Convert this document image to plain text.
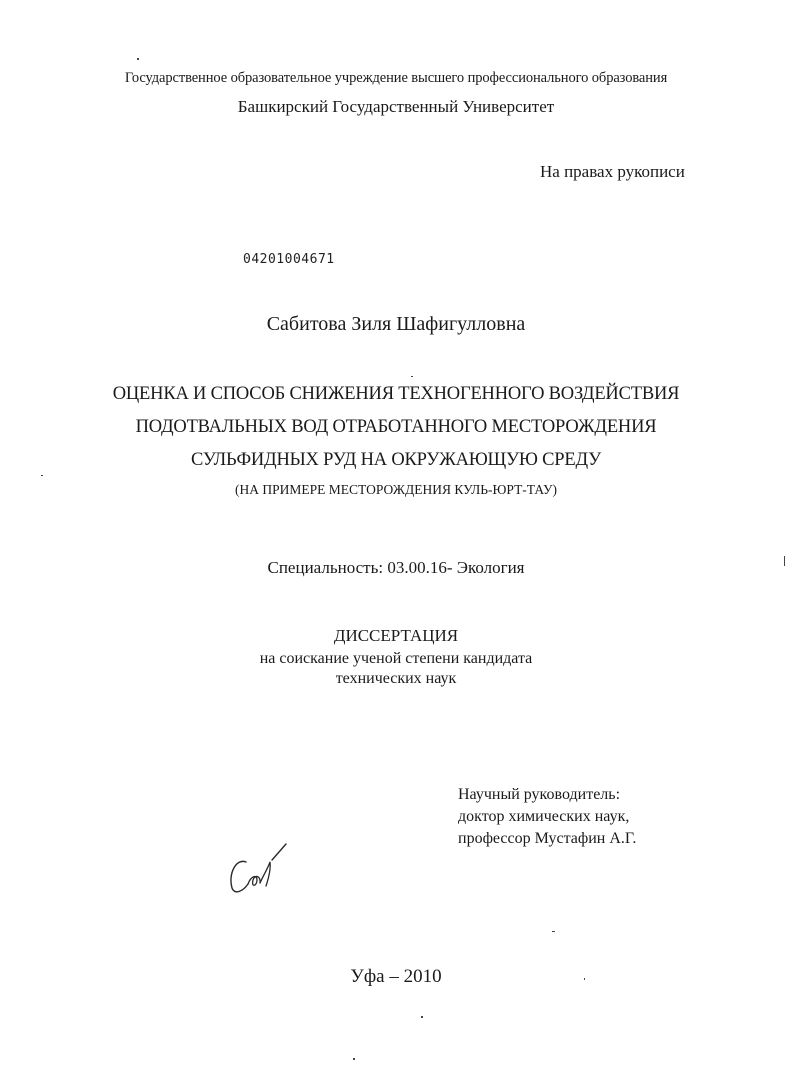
Государственное образовательное учреждение высшего профессионального образования
Башкирский Государственный Университет
На правах рукописи
04201004671
Сабитова Зиля Шафигулловна
ОЦЕНКА И СПОСОБ СНИЖЕНИЯ ТЕХНОГЕННОГО ВОЗДЕЙСТВИЯ
ПОДОТВАЛЬНЫХ ВОД ОТРАБОТАННОГО МЕСТОРОЖДЕНИЯ
СУЛЬФИДНЫХ РУД НА ОКРУЖАЮЩУЮ СРЕДУ
(НА ПРИМЕРЕ МЕСТОРОЖДЕНИЯ КУЛЬ-ЮРТ-ТАУ)
Специальность: 03.00.16- Экология
ДИССЕРТАЦИЯ
на соискание ученой степени кандидата
технических наук
Научный руководитель:
доктор химических наук,
профессор Мустафин А.Г.
Уфа – 2010
